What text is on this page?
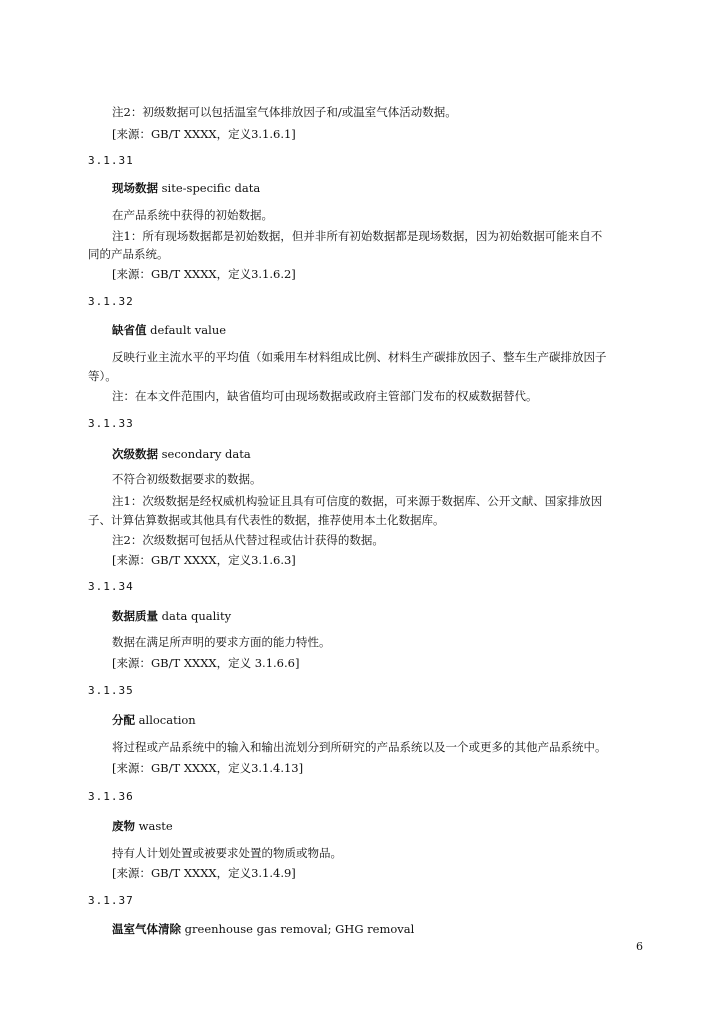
注2：初级数据可以包括温室气体排放因子和/或温室气体活动数据。
[来源：GB/T XXXX，定义3.1.6.1]
3.1.31
现场数据 site-specific data
在产品系统中获得的初始数据。
注1：所有现场数据都是初始数据，但并非所有初始数据都是现场数据，因为初始数据可能来自不
同的产品系统。
[来源：GB/T XXXX，定义3.1.6.2]
3.1.32
缺省值 default value
反映行业主流水平的平均值（如乘用车材料组成比例、材料生产碳排放因子、整车生产碳排放因子
等）。
注：在本文件范围内，缺省值均可由现场数据或政府主管部门发布的权威数据替代。
3.1.33
次级数据 secondary data
不符合初级数据要求的数据。
注1：次级数据是经权威机构验证且具有可信度的数据，可来源于数据库、公开文献、国家排放因
子、计算估算数据或其他具有代表性的数据，推荐使用本土化数据库。
注2：次级数据可包括从代替过程或估计获得的数据。
[来源：GB/T XXXX，定义3.1.6.3]
3.1.34
数据质量 data quality
数据在满足所声明的要求方面的能力特性。
[来源：GB/T XXXX，定义 3.1.6.6]
3.1.35
分配 allocation
将过程或产品系统中的输入和输出流划分到所研究的产品系统以及一个或更多的其他产品系统中。
[来源：GB/T XXXX，定义3.1.4.13]
3.1.36
废物 waste
持有人计划处置或被要求处置的物质或物品。
[来源：GB/T XXXX，定义3.1.4.9]
3.1.37
温室气体清除 greenhouse gas removal; GHG removal
6
